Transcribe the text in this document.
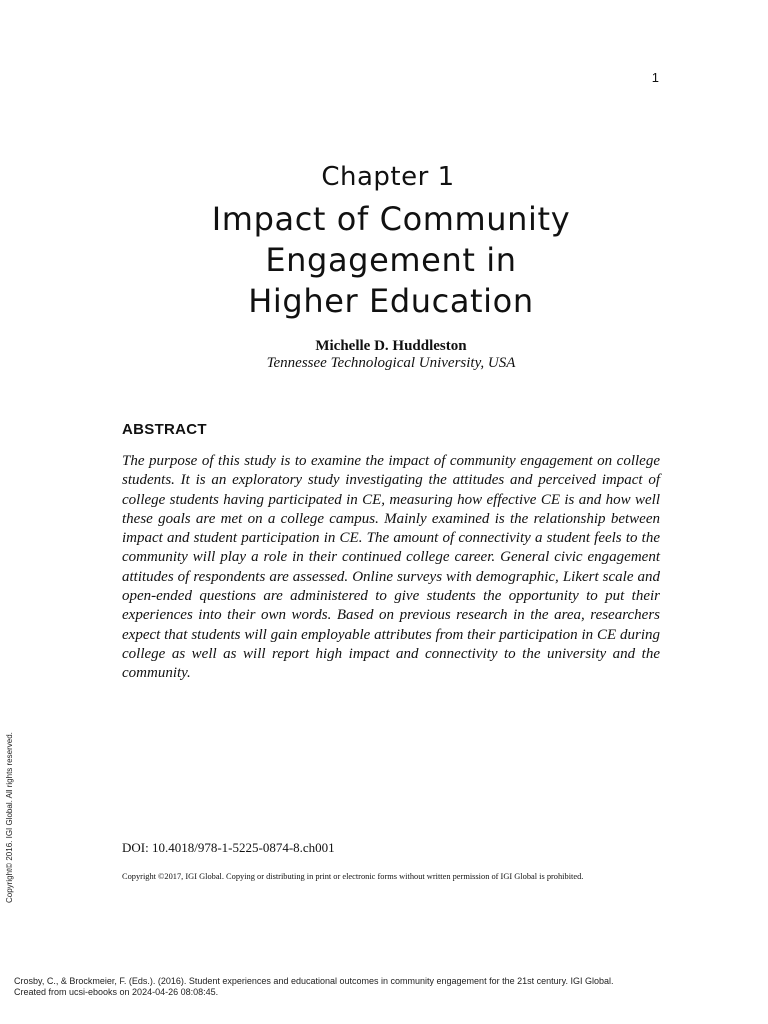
1
Chapter 1
Impact of Community
Engagement in
Higher Education
Michelle D. Huddleston
Tennessee Technological University, USA
ABSTRACT

The purpose of this study is to examine the impact of community engagement on college students. It is an exploratory study investigating the attitudes and perceived impact of college students having participated in CE, measuring how effective CE is and how well these goals are met on a college campus. Mainly examined is the relationship between impact and student participation in CE. The amount of connectivity a student feels to the community will play a role in their continued college career. General civic engagement attitudes of respondents are assessed. Online surveys with demographic, Likert scale and open-ended questions are administered to give students the opportunity to put their experiences into their own words. Based on previous research in the area, researchers expect that students will gain employable attributes from their participation in CE during college as well as will report high impact and connectivity to the university and the community.

DOI: 10.4018/978-1-5225-0874-8.ch001
Copyright ©2017, IGI Global. Copying or distributing in print or electronic forms without written permission of IGI Global is prohibited.
Copyright© 2016. IGI Global. All rights reserved.
Crosby, C., & Brockmeier, F. (Eds.). (2016). Student experiences and educational outcomes in community engagement for the 21st century. IGI Global.
Created from ucsi-ebooks on 2024-04-26 08:08:45.
